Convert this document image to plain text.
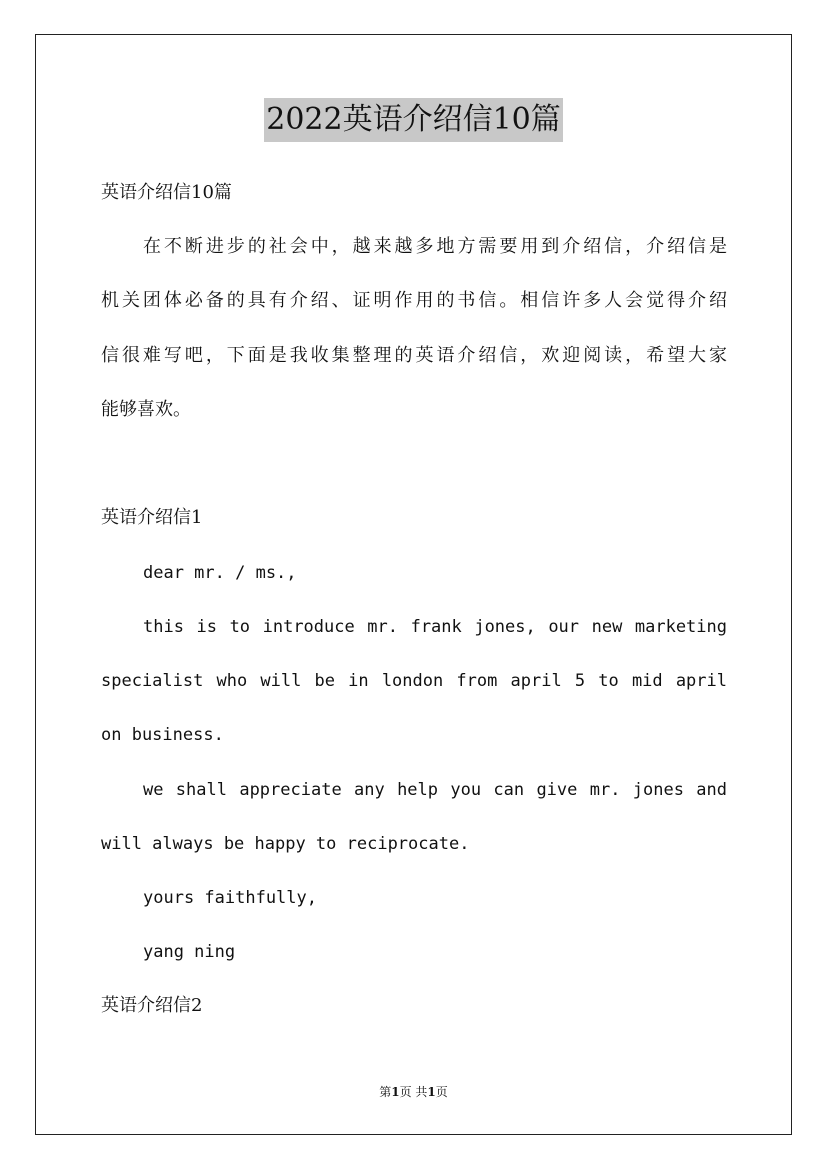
2022英语介绍信10篇
英语介绍信10篇
在不断进步的社会中，越来越多地方需要用到介绍信，介绍信是
机关团体必备的具有介绍、证明作用的书信。相信许多人会觉得介绍
信很难写吧，下面是我收集整理的英语介绍信，欢迎阅读，希望大家
能够喜欢。
英语介绍信1
dear mr. / ms.,
this is to introduce mr. frank jones, our new marketing
specialist who will be in london from april 5 to mid april
on business.
we shall appreciate any help you can give mr. jones and
will always be happy to reciprocate.
yours faithfully,
yang ning
英语介绍信2
第1页 共1页
